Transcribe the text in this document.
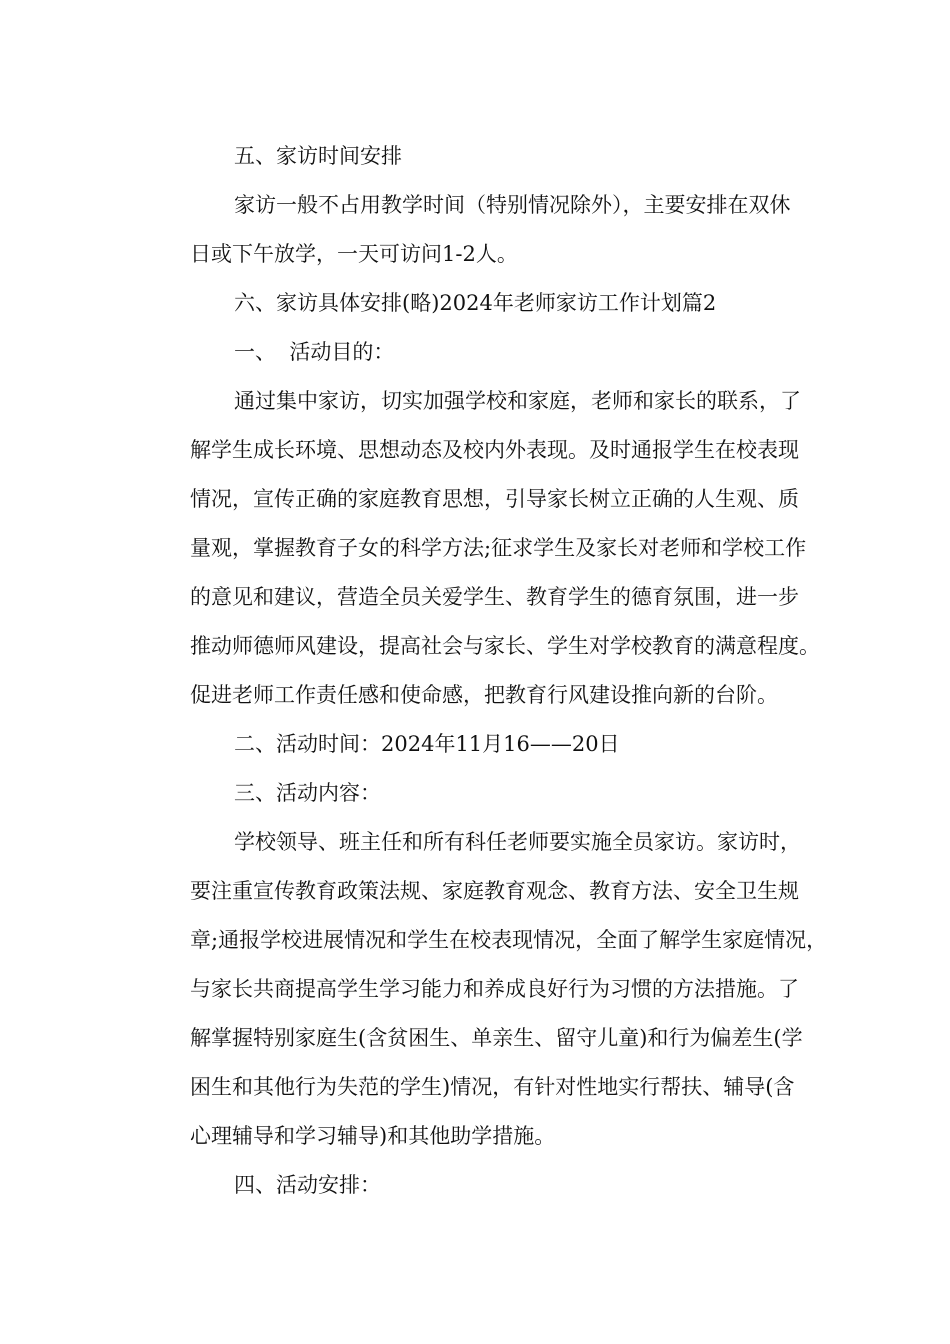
五、家访时间安排
家访一般不占用教学时间（特别情况除外），主要安排在双休
日或下午放学，一天可访问1-2人。
六、家访具体安排(略)2024年老师家访工作计划篇2
一、  活动目的：
通过集中家访，切实加强学校和家庭，老师和家长的联系，了
解学生成长环境、思想动态及校内外表现。及时通报学生在校表现
情况，宣传正确的家庭教育思想，引导家长树立正确的人生观、质
量观，掌握教育子女的科学方法;征求学生及家长对老师和学校工作
的意见和建议，营造全员关爱学生、教育学生的德育氛围，进一步
推动师德师风建设，提高社会与家长、学生对学校教育的满意程度。
促进老师工作责任感和使命感，把教育行风建设推向新的台阶。
二、活动时间：2024年11月16——20日
三、活动内容：
学校领导、班主任和所有科任老师要实施全员家访。家访时，
要注重宣传教育政策法规、家庭教育观念、教育方法、安全卫生规
章;通报学校进展情况和学生在校表现情况，全面了解学生家庭情况，
与家长共商提高学生学习能力和养成良好行为习惯的方法措施。了
解掌握特别家庭生(含贫困生、单亲生、留守儿童)和行为偏差生(学
困生和其他行为失范的学生)情况，有针对性地实行帮扶、辅导(含
心理辅导和学习辅导)和其他助学措施。
四、活动安排：
